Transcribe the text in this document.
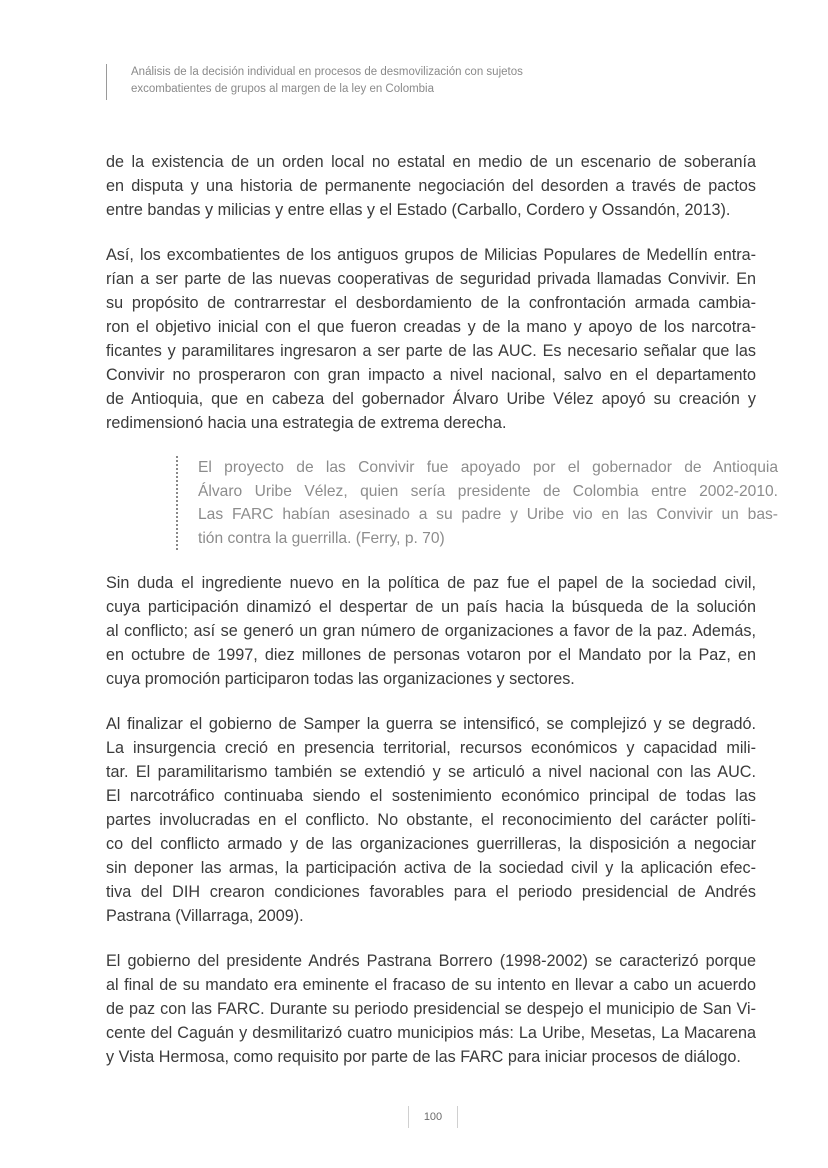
Análisis de la decisión individual en procesos de desmovilización con sujetos
excombatientes de grupos al margen de la ley en Colombia

de la existencia de un orden local no estatal en medio de un escenario de soberanía
en disputa y una historia de permanente negociación del desorden a través de pactos
entre bandas y milicias y entre ellas y el Estado (Carballo, Cordero y Ossandón, 2013).

Así, los excombatientes de los antiguos grupos de Milicias Populares de Medellín entra-
rían a ser parte de las nuevas cooperativas de seguridad privada llamadas Convivir. En
su propósito de contrarrestar el desbordamiento de la confrontación armada cambia-
ron el objetivo inicial con el que fueron creadas y de la mano y apoyo de los narcotra-
ficantes y paramilitares ingresaron a ser parte de las AUC. Es necesario señalar que las
Convivir no prosperaron con gran impacto a nivel nacional, salvo en el departamento
de Antioquia, que en cabeza del gobernador Álvaro Uribe Vélez apoyó su creación y
redimensionó hacia una estrategia de extrema derecha.

El proyecto de las Convivir fue apoyado por el gobernador de Antioquia
Álvaro Uribe Vélez, quien sería presidente de Colombia entre 2002-2010.
Las FARC habían asesinado a su padre y Uribe vio en las Convivir un bas-
tión contra la guerrilla. (Ferry, p. 70)

Sin duda el ingrediente nuevo en la política de paz fue el papel de la sociedad civil,
cuya participación dinamizó el despertar de un país hacia la búsqueda de la solución
al conflicto; así se generó un gran número de organizaciones a favor de la paz. Además,
en octubre de 1997, diez millones de personas votaron por el Mandato por la Paz, en
cuya promoción participaron todas las organizaciones y sectores.

Al finalizar el gobierno de Samper la guerra se intensificó, se complejizó y se degradó.
La insurgencia creció en presencia territorial, recursos económicos y capacidad mili-
tar. El paramilitarismo también se extendió y se articuló a nivel nacional con las AUC.
El narcotráfico continuaba siendo el sostenimiento económico principal de todas las
partes involucradas en el conflicto. No obstante, el reconocimiento del carácter políti-
co del conflicto armado y de las organizaciones guerrilleras, la disposición a negociar
sin deponer las armas, la participación activa de la sociedad civil y la aplicación efec-
tiva del DIH crearon condiciones favorables para el periodo presidencial de Andrés
Pastrana (Villarraga, 2009).

El gobierno del presidente Andrés Pastrana Borrero (1998-2002) se caracterizó porque
al final de su mandato era eminente el fracaso de su intento en llevar a cabo un acuerdo
de paz con las FARC. Durante su periodo presidencial se despejo el municipio de San Vi-
cente del Caguán y desmilitarizó cuatro municipios más: La Uribe, Mesetas, La Macarena
y Vista Hermosa, como requisito por parte de las FARC para iniciar procesos de diálogo.

100
